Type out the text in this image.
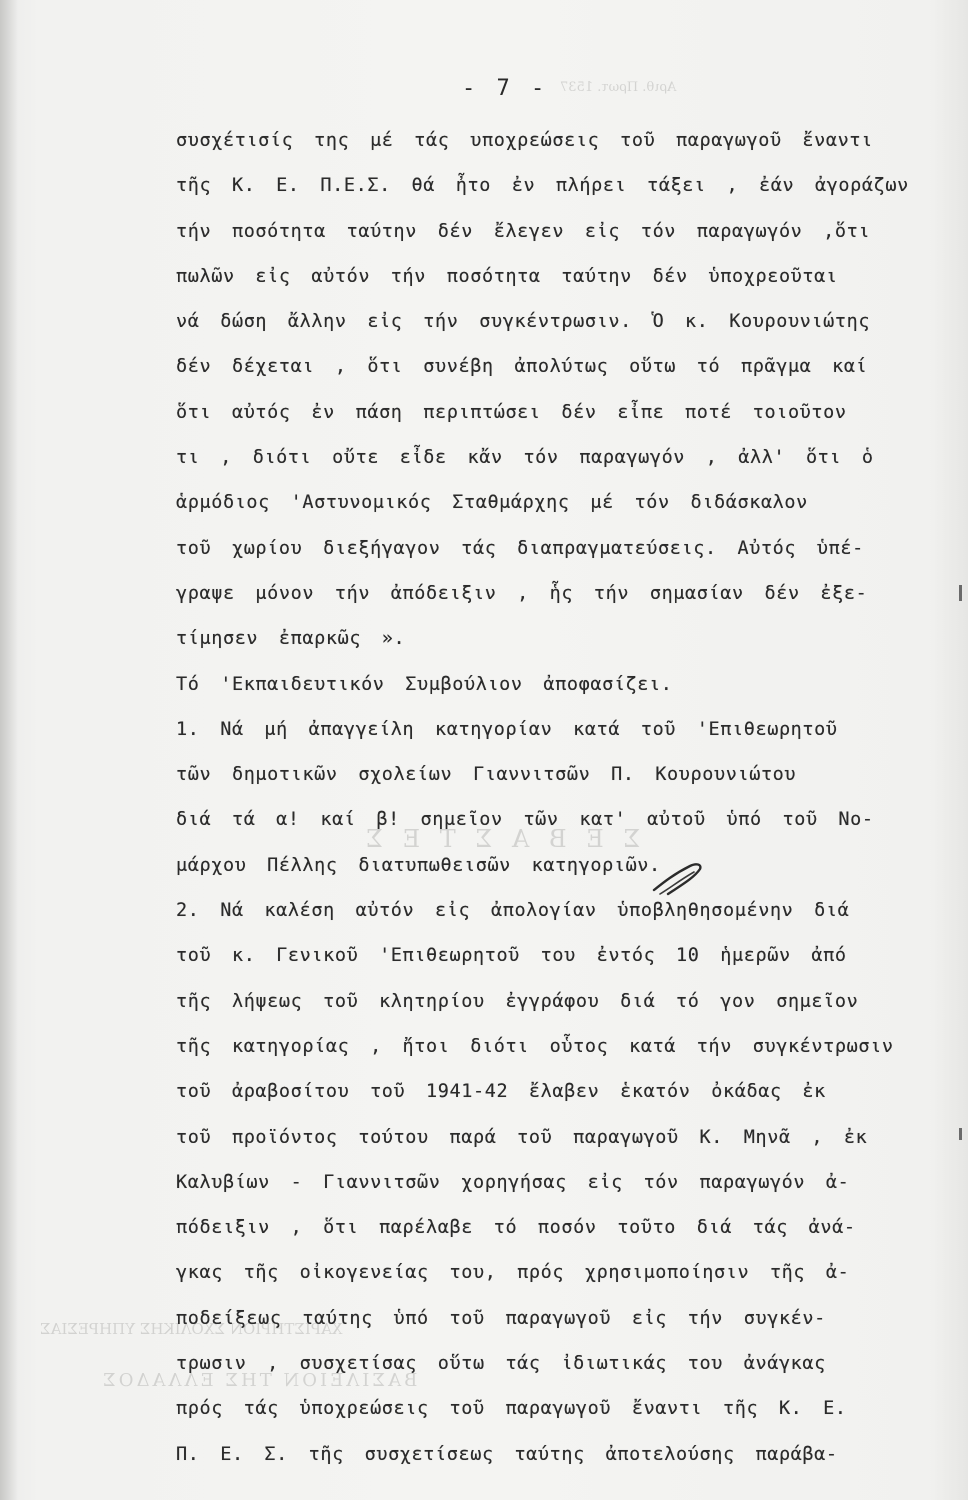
Σ Ε Β Α Σ Τ Ε Σ
ΧΑΡΙΣΤΗΡΙΟΝ ΣΧΟΛΙΚΗΣ ΥΠΗΡΕΣΙΑΣ
ΒΑΣΙΛΕΙΟΝ ΤΗΣ ΕΛΛΑΔΟΣ
Αριθ. Πρωτ. 1537
- 7 -
συσχέτισίς της μέ τάς υποχρεώσεις τοῦ παραγωγοῦ ἔναντι
τῆς Κ. Ε. Π.Ε.Σ. θά ἦτο ἐν πλήρει τάξει , ἐάν ἀγοράζων
τήν ποσότητα ταύτην δέν ἔλεγεν εἰς τόν παραγωγόν ,ὅτι
πωλῶν εἰς αὐτόν τήν ποσότητα ταύτην δέν ὑποχρεοῦται
νά δώση ἄλλην εἰς τήν συγκέντρωσιν. Ὁ κ. Κουρουνιώτης
δέν δέχεται , ὅτι συνέβη ἀπολύτως οὕτω τό πρᾶγμα καί
ὅτι αὐτός ἐν πάση περιπτώσει δέν εἶπε ποτέ τοιοῦτον
τι , διότι οὔτε εἶδε κἄν τόν παραγωγόν , ἀλλ' ὅτι ὁ
ἁρμόδιος 'Αστυνομικός Σταθμάρχης μέ τόν διδάσκαλον
τοῦ χωρίου διεξήγαγον τάς διαπραγματεύσεις. Αὐτός ὑπέ-
γραψε μόνον τήν ἀπόδειξιν , ἧς τήν σημασίαν δέν ἐξε-
τίμησεν ἐπαρκῶς ».
Τό 'Εκπαιδευτικόν Συμβούλιον ἀποφασίζει.
1. Νά μή ἀπαγγείλη κατηγορίαν κατά τοῦ 'Επιθεωρητοῦ
τῶν δημοτικῶν σχολείων Γιαννιτσῶν Π. Κουρουνιώτου
διά τά α! καί β! σημεῖον τῶν κατ' αὐτοῦ ὑπό τοῦ Νο-
μάρχου Πέλλης διατυπωθεισῶν κατηγοριῶν.
2. Νά καλέση αὐτόν εἰς ἀπολογίαν ὑποβληθησομένην διά
τοῦ κ. Γενικοῦ 'Επιθεωρητοῦ του ἐντός 10 ἡμερῶν ἀπό
τῆς λήψεως τοῦ κλητηρίου ἐγγράφου διά τό γον σημεῖον
τῆς κατηγορίας , ἤτοι διότι οὗτος κατά τήν συγκέντρωσιν
τοῦ ἀραβοσίτου τοῦ 1941-42 ἔλαβεν ἑκατόν ὀκάδας ἐκ
τοῦ προϊόντος τούτου παρά τοῦ παραγωγοῦ Κ. Μηνᾶ , ἐκ
Καλυβίων - Γιαννιτσῶν χορηγήσας εἰς τόν παραγωγόν ἀ-
πόδειξιν , ὅτι παρέλαβε τό ποσόν τοῦτο διά τάς ἀνά-
γκας τῆς οἰκογενείας του, πρός χρησιμοποίησιν τῆς ἀ-
ποδείξεως ταύτης ὑπό τοῦ παραγωγοῦ εἰς τήν συγκέν-
τρωσιν , συσχετίσας οὕτω τάς ἰδιωτικάς του ἀνάγκας
πρός τάς ὑποχρεώσεις τοῦ παραγωγοῦ ἔναντι τῆς Κ. Ε.
Π. Ε. Σ. τῆς συσχετίσεως ταύτης ἀποτελούσης παράβα-
